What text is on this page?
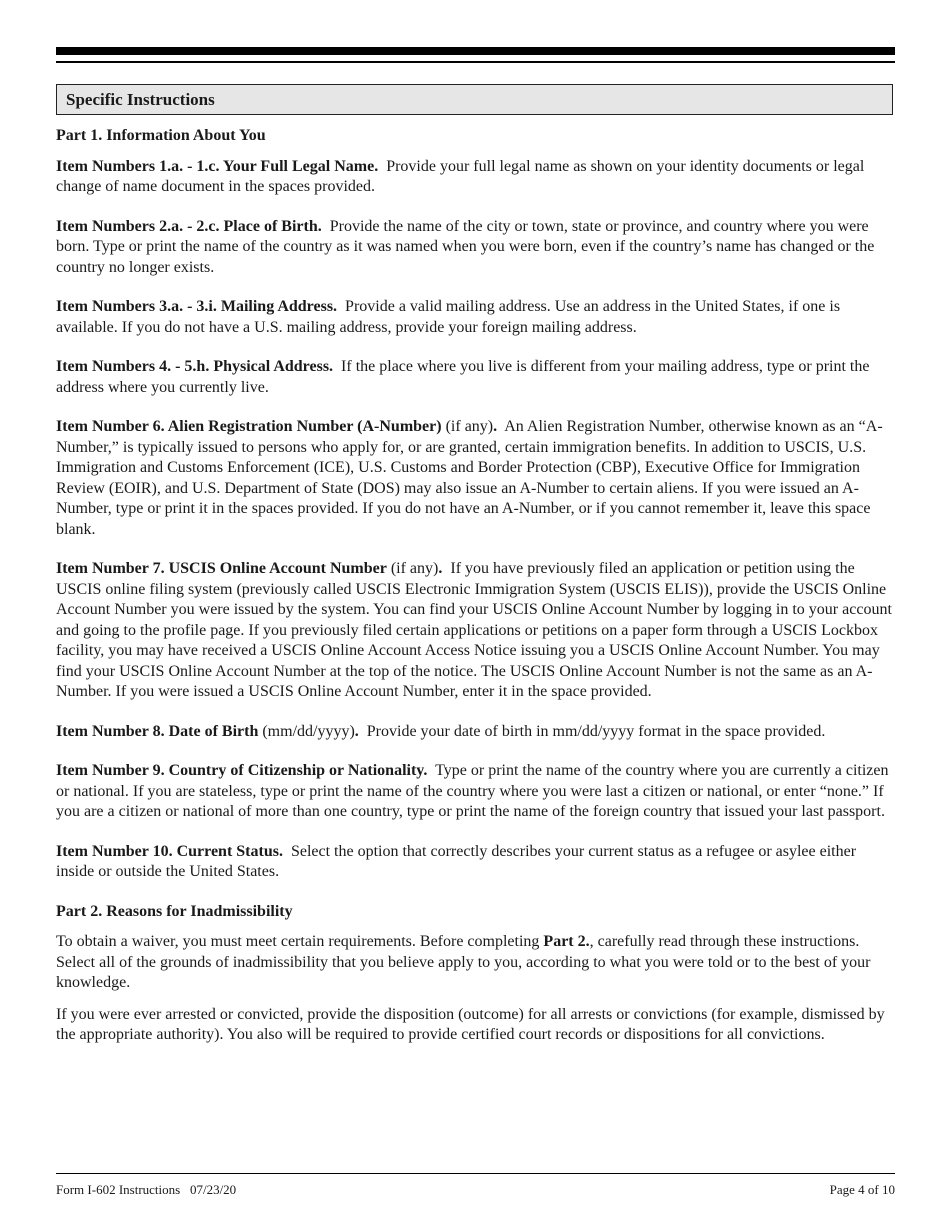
Specific Instructions

Part 1. Information About You

Item Numbers 1.a. - 1.c. Your Full Legal Name. Provide your full legal name as shown on your identity documents or legal change of name document in the spaces provided.

Item Numbers 2.a. - 2.c. Place of Birth. Provide the name of the city or town, state or province, and country where you were born. Type or print the name of the country as it was named when you were born, even if the country’s name has changed or the country no longer exists.

Item Numbers 3.a. - 3.i. Mailing Address. Provide a valid mailing address. Use an address in the United States, if one is available. If you do not have a U.S. mailing address, provide your foreign mailing address.

Item Numbers 4. - 5.h. Physical Address. If the place where you live is different from your mailing address, type or print the address where you currently live.

Item Number 6. Alien Registration Number (A-Number) (if any). An Alien Registration Number, otherwise known as an “A-Number,” is typically issued to persons who apply for, or are granted, certain immigration benefits. In addition to USCIS, U.S. Immigration and Customs Enforcement (ICE), U.S. Customs and Border Protection (CBP), Executive Office for Immigration Review (EOIR), and U.S. Department of State (DOS) may also issue an A-Number to certain aliens. If you were issued an A-Number, type or print it in the spaces provided. If you do not have an A-Number, or if you cannot remember it, leave this space blank.

Item Number 7. USCIS Online Account Number (if any). If you have previously filed an application or petition using the USCIS online filing system (previously called USCIS Electronic Immigration System (USCIS ELIS)), provide the USCIS Online Account Number you were issued by the system. You can find your USCIS Online Account Number by logging in to your account and going to the profile page. If you previously filed certain applications or petitions on a paper form through a USCIS Lockbox facility, you may have received a USCIS Online Account Access Notice issuing you a USCIS Online Account Number. You may find your USCIS Online Account Number at the top of the notice. The USCIS Online Account Number is not the same as an A-Number. If you were issued a USCIS Online Account Number, enter it in the space provided.

Item Number 8. Date of Birth (mm/dd/yyyy). Provide your date of birth in mm/dd/yyyy format in the space provided.

Item Number 9. Country of Citizenship or Nationality. Type or print the name of the country where you are currently a citizen or national. If you are stateless, type or print the name of the country where you were last a citizen or national, or enter “none.” If you are a citizen or national of more than one country, type or print the name of the foreign country that issued your last passport.

Item Number 10. Current Status. Select the option that correctly describes your current status as a refugee or asylee either inside or outside the United States.

Part 2. Reasons for Inadmissibility

To obtain a waiver, you must meet certain requirements. Before completing Part 2., carefully read through these instructions. Select all of the grounds of inadmissibility that you believe apply to you, according to what you were told or to the best of your knowledge.

If you were ever arrested or convicted, provide the disposition (outcome) for all arrests or convictions (for example, dismissed by the appropriate authority). You also will be required to provide certified court records or dispositions for all convictions.

Form I-602 Instructions   07/23/20	Page 4 of 10
